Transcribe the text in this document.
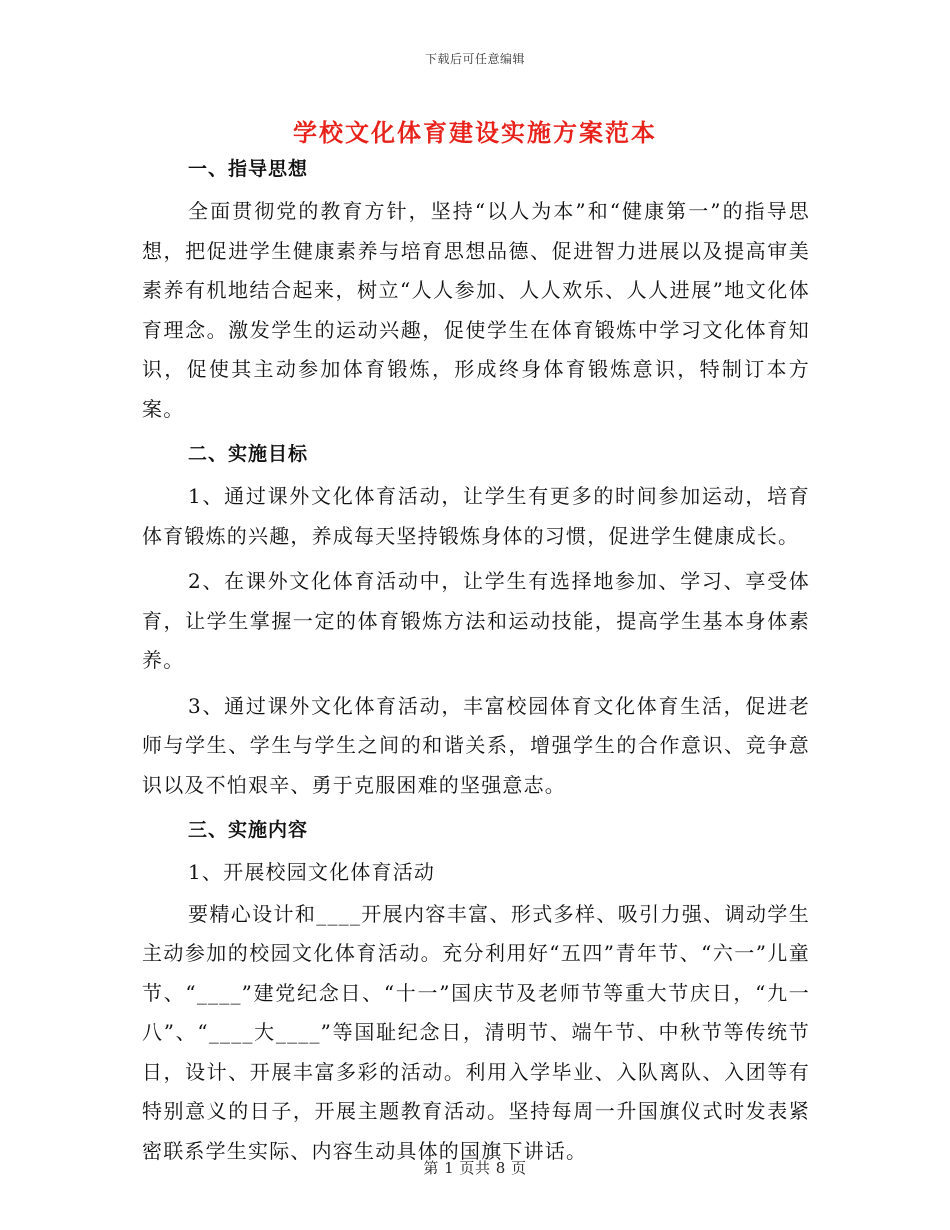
下载后可任意编辑
学校文化体育建设实施方案范本
一、指导思想

全面贯彻党的教育方针，坚持“以人为本”和“健康第一”的指导思想，把促进学生健康素养与培育思想品德、促进智力进展以及提高审美素养有机地结合起来，树立“人人参加、人人欢乐、人人进展”地文化体育理念。激发学生的运动兴趣，促使学生在体育锻炼中学习文化体育知识，促使其主动参加体育锻炼，形成终身体育锻炼意识，特制订本方案。

二、实施目标

1、通过课外文化体育活动，让学生有更多的时间参加运动，培育体育锻炼的兴趣，养成每天坚持锻炼身体的习惯，促进学生健康成长。

2、在课外文化体育活动中，让学生有选择地参加、学习、享受体育，让学生掌握一定的体育锻炼方法和运动技能，提高学生基本身体素养。

3、通过课外文化体育活动，丰富校园体育文化体育生活，促进老师与学生、学生与学生之间的和谐关系，增强学生的合作意识、竞争意识以及不怕艰辛、勇于克服困难的坚强意志。

三、实施内容

1、开展校园文化体育活动

要精心设计和____开展内容丰富、形式多样、吸引力强、调动学生主动参加的校园文化体育活动。充分利用好“五四”青年节、“六一”儿童节、“____”建党纪念日、“十一”国庆节及老师节等重大节庆日，“九一八”、“____大____”等国耻纪念日，清明节、端午节、中秋节等传统节日，设计、开展丰富多彩的活动。利用入学毕业、入队离队、入团等有特别意义的日子，开展主题教育活动。坚持每周一升国旗仪式时发表紧密联系学生实际、内容生动具体的国旗下讲话。

第 1 页共 8 页
